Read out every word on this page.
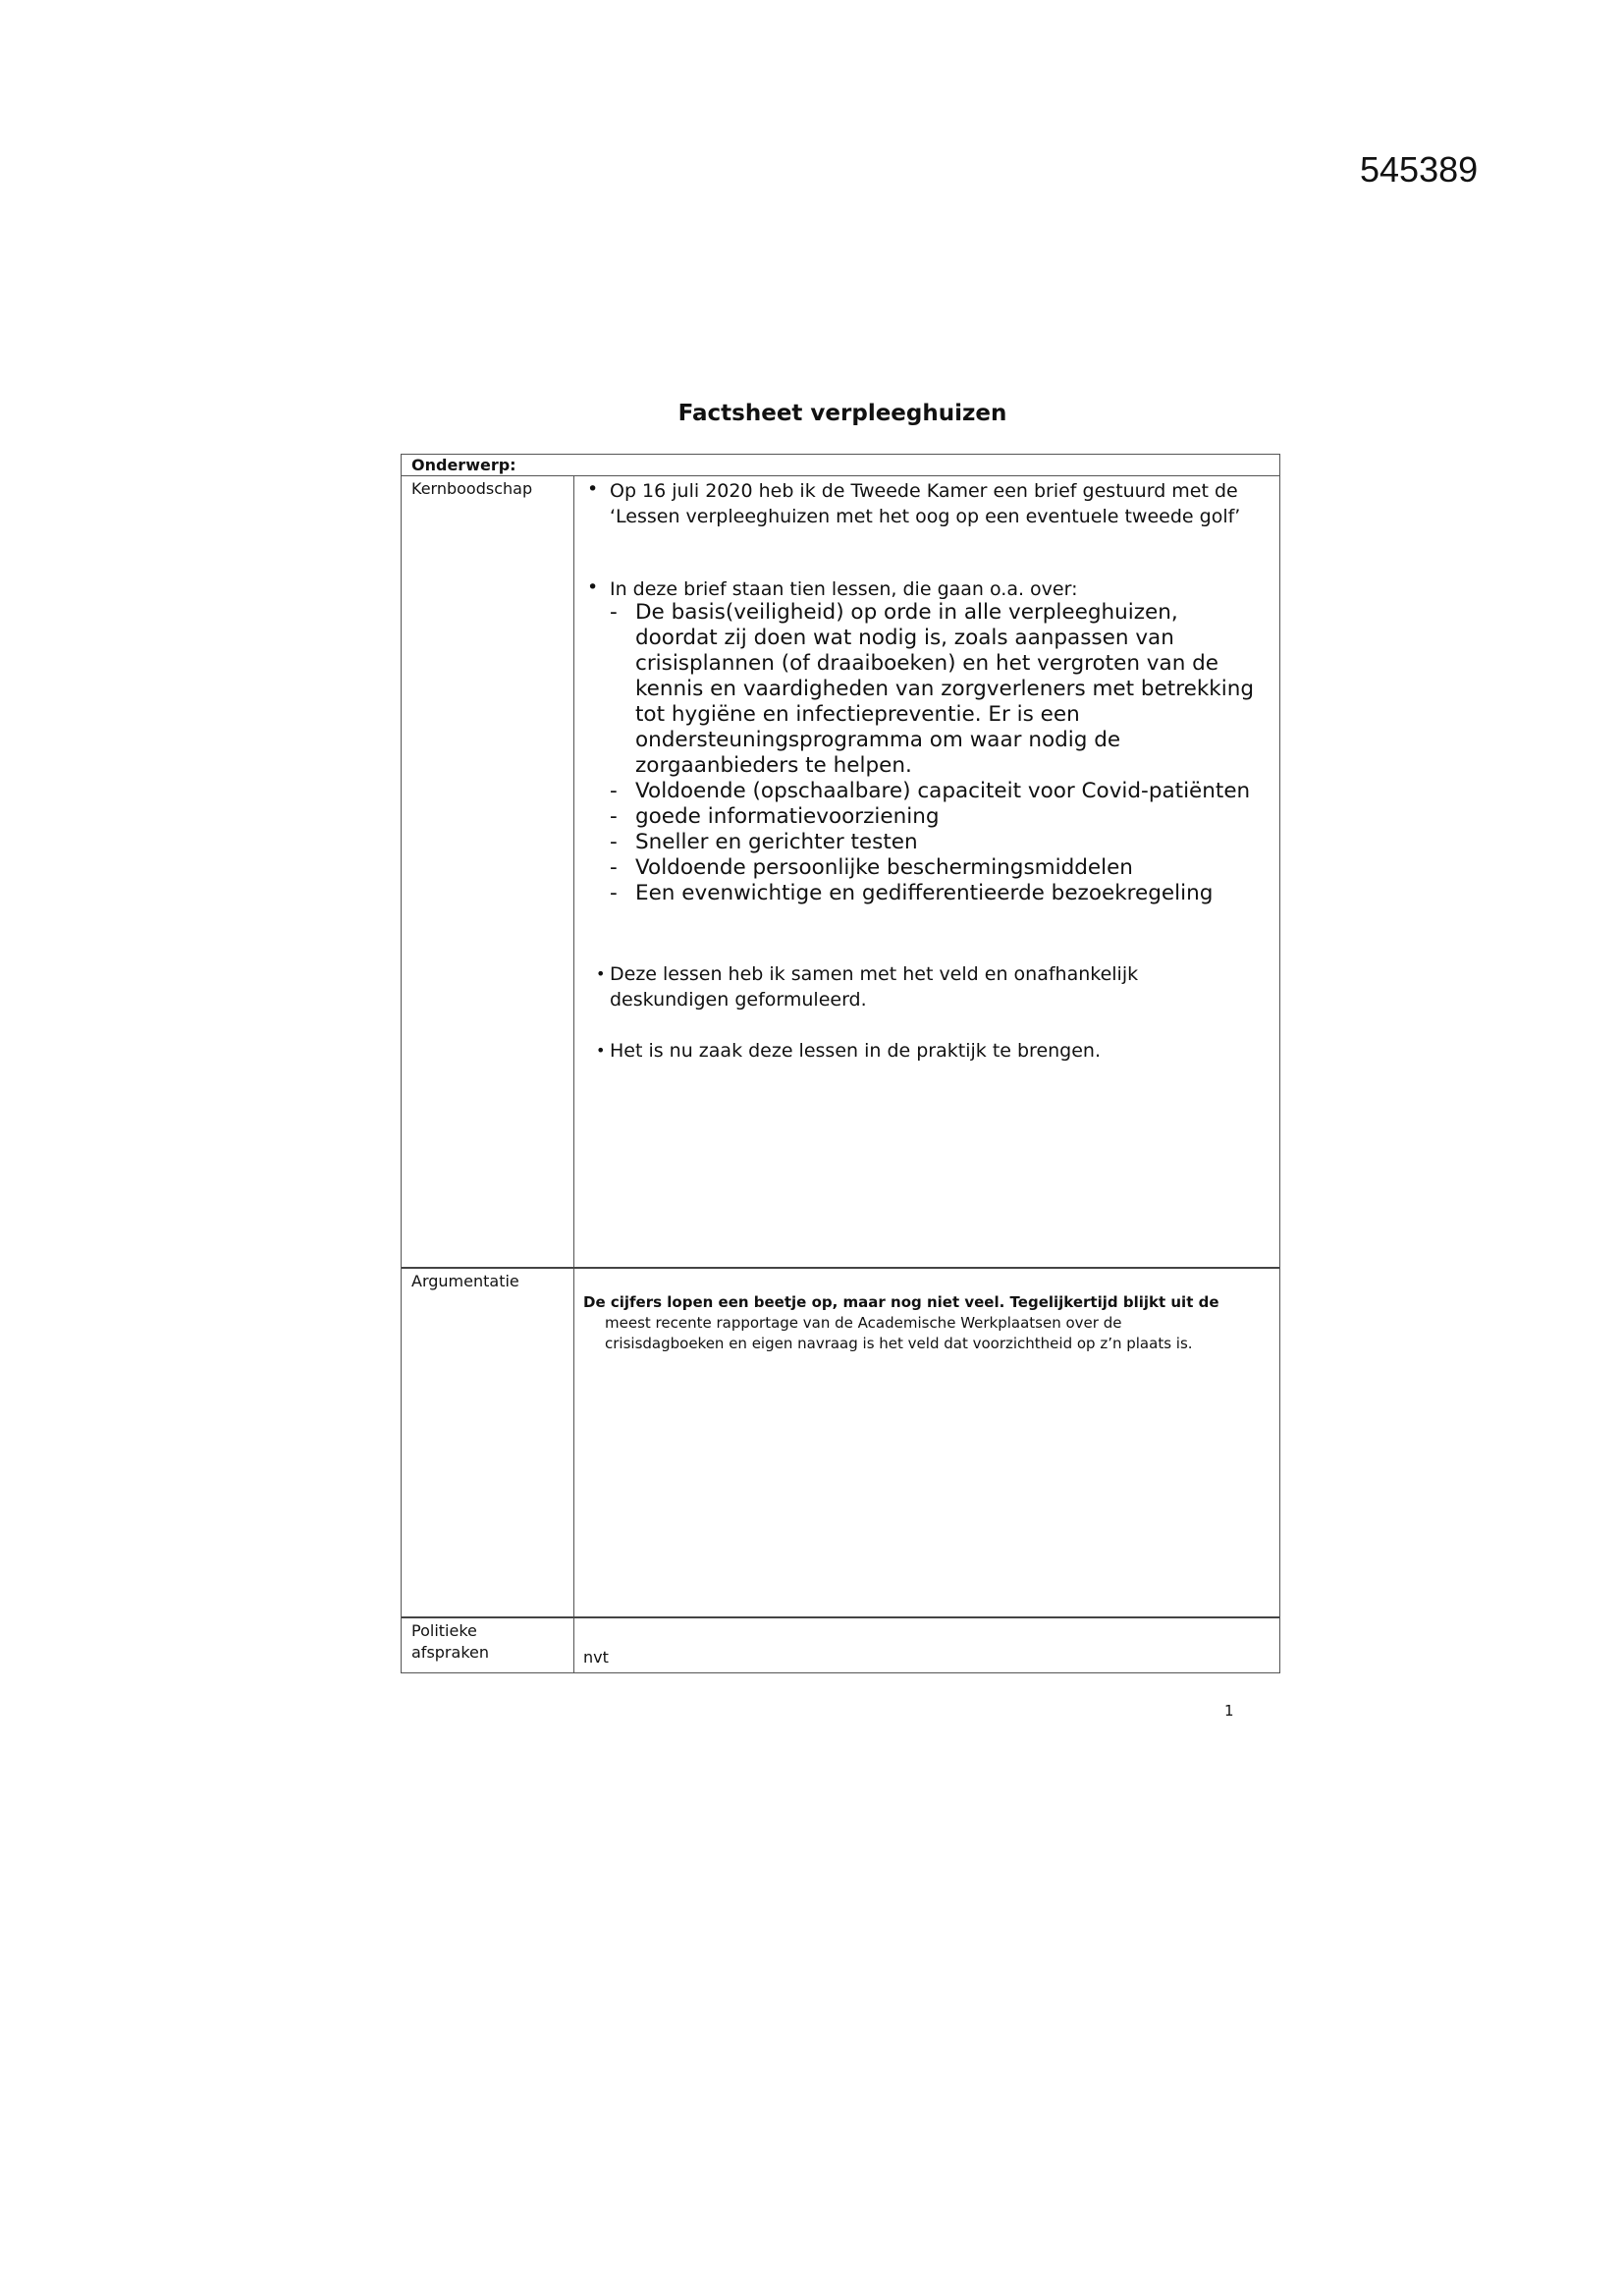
545389
Factsheet verpleeghuizen
Onderwerp:
Kernboodschap	• Op 16 juli 2020 heb ik de Tweede Kamer een brief gestuurd met de ‘Lessen verpleeghuizen met het oog op een eventuele tweede golf’
• In deze brief staan tien lessen, die gaan o.a. over:
- De basis(veiligheid) op orde in alle verpleeghuizen, doordat zij doen wat nodig is, zoals aanpassen van crisisplannen (of draaiboeken) en het vergroten van de kennis en vaardigheden van zorgverleners met betrekking tot hygiëne en infectiepreventie. Er is een ondersteuningsprogramma om waar nodig de zorgaanbieders te helpen.
- Voldoende (opschaalbare) capaciteit voor Covid-patiënten
- goede informatievoorziening
- Sneller en gerichter testen
- Voldoende persoonlijke beschermingsmiddelen
- Een evenwichtige en gedifferentieerde bezoekregeling
• Deze lessen heb ik samen met het veld en onafhankelijk deskundigen geformuleerd.
• Het is nu zaak deze lessen in de praktijk te brengen.
Argumentatie
De cijfers lopen een beetje op, maar nog niet veel. Tegelijkertijd blijkt uit de
meest recente rapportage van de Academische Werkplaatsen over de
crisisdagboeken en eigen navraag is het veld dat voorzichtheid op z’n plaats is.
Politieke
afspraken	nvt
1
